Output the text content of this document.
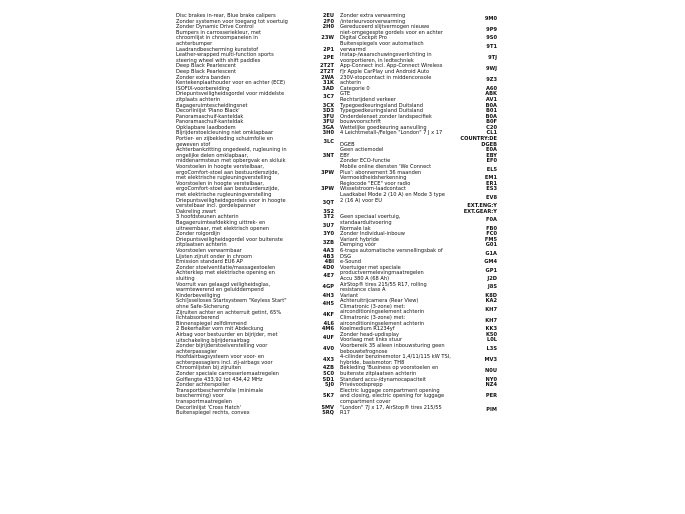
Disc brakes in-rear, Blue brake calipers
Zonder systemen voor toegang tot voertuig
Zonder Dynamic Drive Control
Bumpers in carrosseriekleur, met
chroomlijst in chroompanelen in
achterbumper
Laadrandbescherming kunststof
Leather-wrapped multi-function sports
steering wheel with shift paddles
Deep Black Pearlescent
Deep Black Pearlescent
Zonder extra banden
Kentekenplaathouder voor en achter (ECE)
ISOFIX-voorbereiding
Driepuntsveiligheidsgordel voor middelste
zitplaats achterin
Bagageruimtescheidingsnet
Decorlinlijst 'Piano Black'
Panoramaschuif-kanteldak
Panoramaschuif-kanteldak
Opklapbare laadbodem
Bijrijderstoelcleuning niet omklapbaar
Portier- en zijbekleding schuimfolie en
geweven stof
Achterbankzitting ongedeeld, rugleuning in
ongelijke delen omklapbaar,
middenarmsteun met opbergvak en skiluik
Voorstoelen in hoogte verstelbaar,
ergoComfort-stoel aan bestuurderszijde,
met elektrische rugleuningverstelling
Voorstoelen in hoogte verstelbaar,
ergoComfort-stoel aan bestuurderszijde,
met elektrische rugleuningverstelling
Driepuntsveiligheidsgordels voor in hoogte
verstelbaar incl. gordelspanner
Dakreling zwart
3 hoofdsteunen achterin
Bagageruimteafdekking uittrek- en
uitneembaar, met elektrisch openen
Zonder rolgordijn
Driepuntsveiligheidsgordel voor buitenste
zitplaatsen achterin
Voorstoelen verwarmbaar
Lijsten zijruit onder in chroom
Emission standard EU6 AP
Zonder stoelventilatie/massagestoelen
Achterklep met elektrische opening en
sluiting
Voorruit van gelaagd veiligheidsglas,
warmtewerend en geluiddempend
Kinderbeveiliging
Schl]sselloses Startsysteem "Keyless Start"
ohne Safe-Sicherung
Zijruiten achter en achterruit getint, 65%
lichtabsorberend
Binnenspiegel zelfdimmend
2 Bekerhalter vorn mit Abdeckung
Airbag voor bestuurder en bijrijder, met
uitschakeling bijrijdersairbag
Zonder bijrijderstoelverstelling voor
achterpassagier
Hoofdairbagsysteem voor voor- en
achterpassagiers incl. zij-airbags voor
Chroomlijsten bij zijruiten
Zonder speciale carrosseriemaatregelen
Golflengte 433,92 tot 434,42 MHz
Zonder achterspoiler
Transportbeschermfolie (minimale
bescherming) voor
transportmaatregelen
Decorlinlijst 'Cross Hatch'
Buitenspiegel rechts, convex
2EU
2F0
2H0
23W
2P1
2PE
2T2T
2T2T
2WA
31K
3AD
3C7
3CX
3D3
3FU
3FU
3GA
3H0
3LC
3NT
3PW
3PW
3QT
3S2
3T2
3U7
3Y0
3ZB
4A3
4B3
4BI
4D0
4E7
4GP
4H3
4H5
4KF
4L6
4M6
4UF
4V0
4X3
4ZB
5C0
5D1
5J0
5K7
5MV
5RQ
Zonder extra verwarming
/interieurvoorverwarming
Gereduceerd slijtvermogen nieuwe
niet-omgegespte gordels voor en achter
Digital Cockpit Pro
Buitenspiegels voor automatisch
verwarmd
Instap-/waarschuwingsverlichting in
voorportieren, in ledtechniek
App-Connect incl. App-Connect Wireless
f]r Apple CarPlay und Android Auto
230V-stopcontact in middenconsole
achterin
Categorie 0
GTE
Rechtsrijdend verkeer
Typegoedkeuringsland Duitsland
Typegoedkeuringsland Duitsland
Onderdelenset zonder landspecifiek
bouwvoorschrift
Wettelijke goedkeuring aanvulling
4 Leichtmetall-/Felgen "London" 7 J x 17
DGEB
Geen actiemodel
EBY
Zonder ECO-functie
Mobile online diensten 'We Connect
Plus': abonnement 36 maanden
Vermoeidheidsherkenning
Regiocode "ECE" voor radio
Wisselstroom-laadcontact
Laadkabel Mode 2 (10 A) en Mode 3 type
2 (16 A) voor EU
Geen speciaal voertuig,
standaarduitvoering
Normale lak
Zonder Individual-inbouw
Variant hybride
Demping vóór
6-traps automatische versnellingsbak of
DSG
e-Sound
Voertuiger met speciale
productvermelevingmaatregelen
Accu 380 A (68 Ah)
AirStop® tires 215/55 R17, rolling
resistance class A
Variant
Achteruitrijcamera (Rear View)
Climatronic (3-zone) met:
airconditioningselement achterin
Climatronic (3-zone) met:
airconditioningselement achterin
Koelmedium R1234yf
Zonder head-updisplay
Voorlaag met links stuur
Voorbereik 35 alleen inbouwsturing geen
bebouwtefrognose
4-cilinder benzinemotor 1,4/11/115 kW TSI,
hybride, basismotor: TH8
Bekleding 'Business op voorstoelen en
buitenste zitplaatsen achterin
Standard accu-/dynamocapaciteit
Privévoodsprepp
Electric luggage compartment opening
and closing, electric opening for luggage
compartment cover
"London" 7J x 17, AirStop® tires 215/55
R17
9M0
9P9
9S0
9T1
9TJ
9WJ
9Z3
A60
ABK
AV1
B0A
B01
B0A
B0F
C20
CL1
COUNTRY:DE
DGEB
E0A
EBY
EF0
EL5
EM1
ER1
ES3
EV8
EXT.ENG:Y
EXT.GEAR:Y
F0A
FB0
FC0
FM5
G01
G1A
GM4
GP1
J2D
J8S
K8D
KA2
KH7
KH7
KK3
K50
L0L
L3S
MV3
N0U
NY0
NZ4
PER
PIM
